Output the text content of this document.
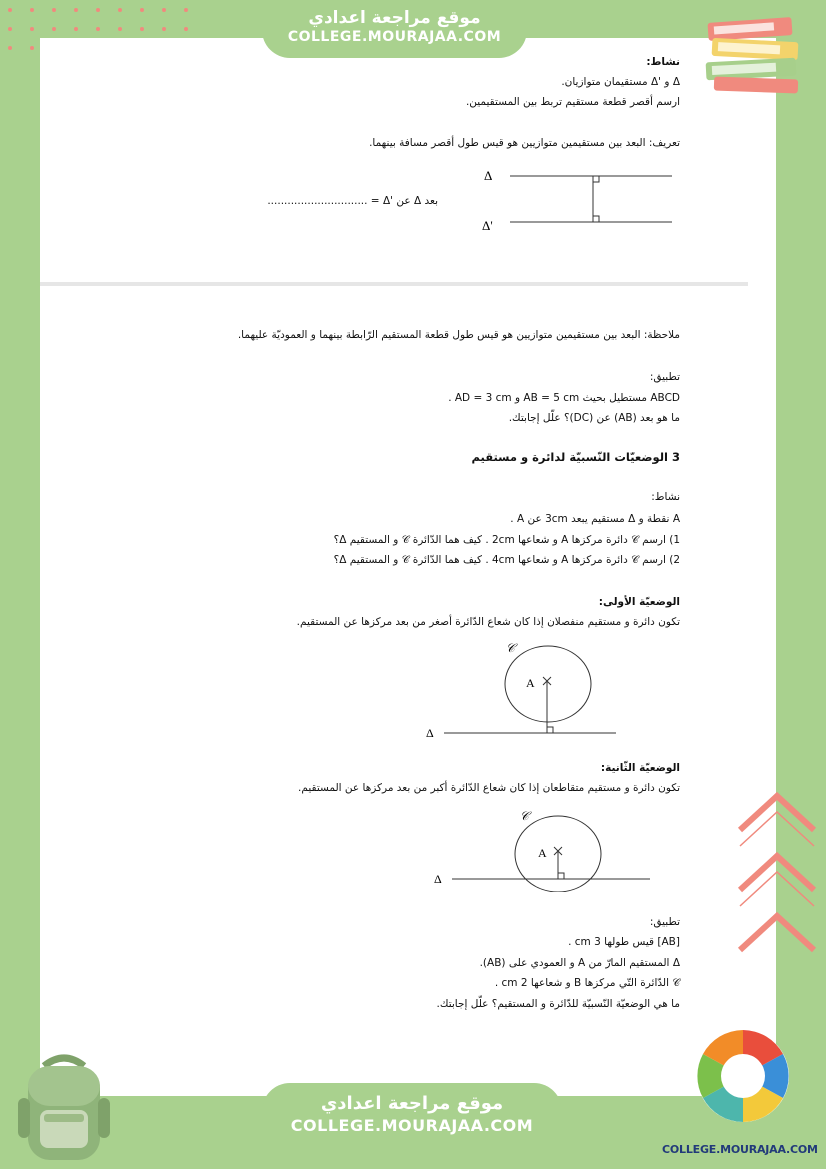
موقع مراجعة اعدادي
COLLEGE.MOURAJAA.COM
نشاط:
Δ و 'Δ مستقيمان متوازيان.
ارسم أقصر قطعة مستقيم تربط بين المستقيمين.
تعريف: البعد بين مستقيمين متوازيين هو قيس طول أقصر مسافة بينهما.
Δ
Δ'
بعد Δ عن 'Δ = ..............................
ملاحظة: البعد بين مستقيمين متوازيين هو قيس طول قطعة المستقيم الرّابطة بينهما و العموديّة عليهما.
تطبيق:
ABCD مستطيل بحيث AB = 5 cm و AD = 3 cm .
ما هو بعد (AB) عن (DC)؟ علّل إجابتك.
3 الوضعيّات النّسبيّة لدائرة و مستقيم
نشاط:
A نقطة و Δ مستقيم يبعد 3cm عن A .
1) ارسم 𝒞 دائرة مركزها A و شعاعها 2cm . كيف هما الدّائرة 𝒞 و المستقيم Δ؟
2) ارسم 𝒞 دائرة مركزها A و شعاعها 4cm . كيف هما الدّائرة 𝒞 و المستقيم Δ؟
الوضعيّة الأولى:
تكون دائرة و مستقيم منفصلان إذا كان شعاع الدّائرة أصغر من بعد مركزها عن المستقيم.
𝒞
A
Δ
الوضعيّة الثّانية:
تكون دائرة و مستقيم متقاطعان إذا كان شعاع الدّائرة أكبر من بعد مركزها عن المستقيم.
𝒞
A
Δ
تطبيق:
[AB] قيس طولها 3 cm .
Δ المستقيم المارّ من A و العمودي على (AB).
𝒞 الدّائرة التّي مركزها B و شعاعها 2 cm .
ما هي الوضعيّة النّسبيّة للدّائرة و المستقيم؟ علّل إجابتك.
موقع مراجعة اعدادي
COLLEGE.MOURAJAA.COM
COLLEGE.MOURAJAA.COM
